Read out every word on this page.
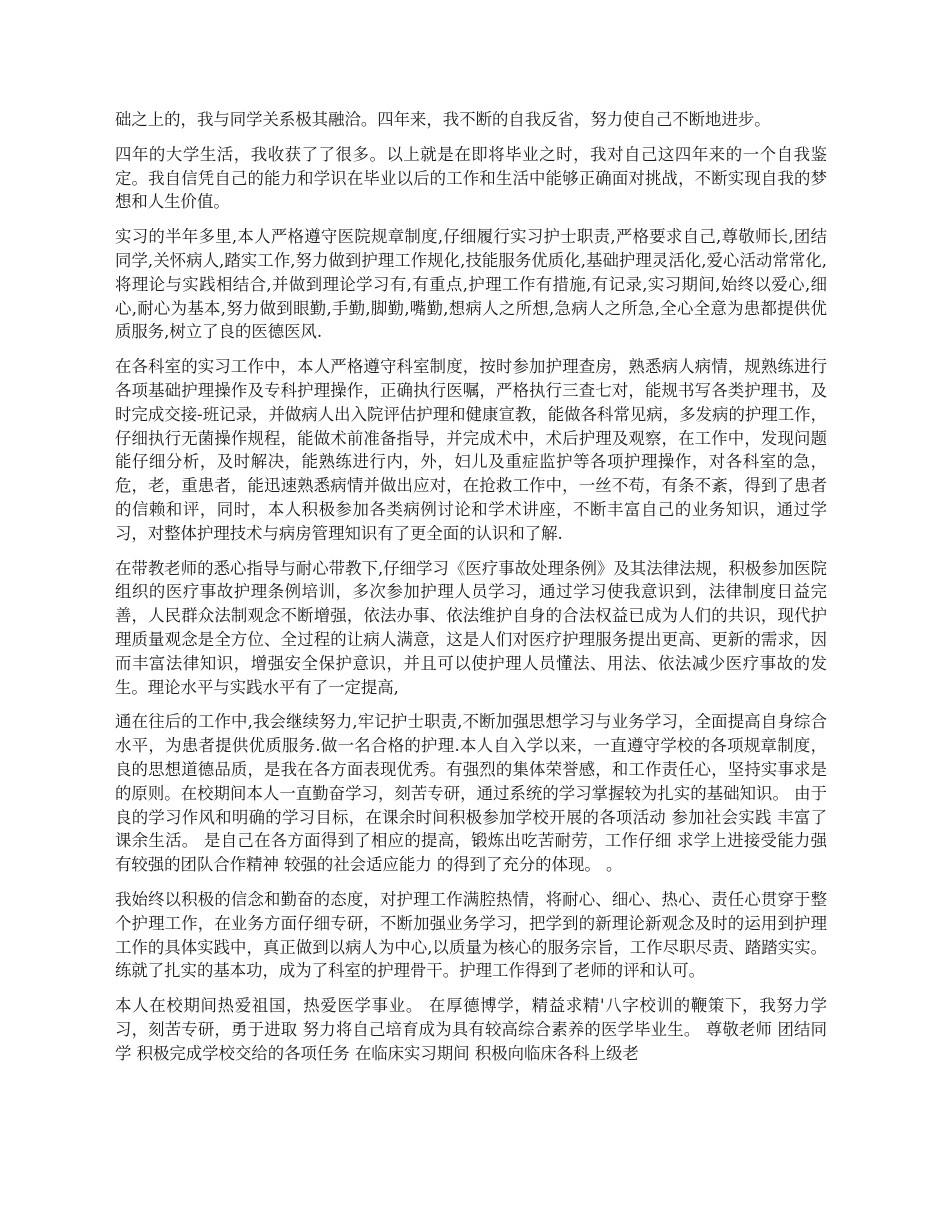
础之上的，我与同学关系极其融洽。四年来，我不断的自我反省，努力使自己不断地进步。

四年的大学生活，我收获了了很多。以上就是在即将毕业之时，我对自己这四年来的一个自我鉴定。我自信凭自己的能力和学识在毕业以后的工作和生活中能够正确面对挑战，不断实现自我的梦想和人生价值。

实习的半年多里,本人严格遵守医院规章制度,仔细履行实习护士职责,严格要求自己,尊敬师长,团结同学,关怀病人,踏实工作,努力做到护理工作规化,技能服务优质化,基础护理灵活化,爱心活动常常化,将理论与实践相结合,并做到理论学习有,有重点,护理工作有措施,有记录,实习期间,始终以爱心,细心,耐心为基本,努力做到眼勤,手勤,脚勤,嘴勤,想病人之所想,急病人之所急,全心全意为患都提供优质服务,树立了良的医德医风.

在各科室的实习工作中，本人严格遵守科室制度，按时参加护理查房，熟悉病人病情，规熟练进行各项基础护理操作及专科护理操作，正确执行医嘱，严格执行三查七对，能规书写各类护理书，及时完成交接-班记录，并做病人出入院评估护理和健康宣教，能做各科常见病，多发病的护理工作，仔细执行无菌操作规程，能做术前准备指导，并完成术中，术后护理及观察，在工作中，发现问题能仔细分析，及时解决，能熟练进行内，外，妇儿及重症监护等各项护理操作，对各科室的急，危，老，重患者，能迅速熟悉病情并做出应对，在抢救工作中，一丝不苟，有条不紊，得到了患者的信赖和评，同时，本人积极参加各类病例讨论和学术讲座，不断丰富自己的业务知识，通过学习，对整体护理技术与病房管理知识有了更全面的认识和了解.

在带教老师的悉心指导与耐心带教下,仔细学习《医疗事故处理条例》及其法律法规，积极参加医院组织的医疗事故护理条例培训，多次参加护理人员学习，通过学习使我意识到，法律制度日益完善，人民群众法制观念不断增强，依法办事、依法维护自身的合法权益已成为人们的共识，现代护理质量观念是全方位、全过程的让病人满意，这是人们对医疗护理服务提出更高、更新的需求，因而丰富法律知识，增强安全保护意识，并且可以使护理人员懂法、用法、依法减少医疗事故的发生。理论水平与实践水平有了一定提高,

通在往后的工作中,我会继续努力,牢记护士职责,不断加强思想学习与业务学习，全面提高自身综合水平，为患者提供优质服务.做一名合格的护理.本人自入学以来，一直遵守学校的各项规章制度，良的思想道德品质，是我在各方面表现优秀。有强烈的集体荣誉感，和工作责任心，坚持实事求是的原则。在校期间本人一直勤奋学习，刻苦专研，通过系统的学习掌握较为扎实的基础知识。 由于良的学习作风和明确的学习目标，在课余时间积极参加学校开展的各项活动 参加社会实践 丰富了课余生活。 是自己在各方面得到了相应的提高，锻炼出吃苦耐劳，工作仔细 求学上进接受能力强 有较强的团队合作精神 较强的社会适应能力 的得到了充分的体现。 。

我始终以积极的信念和勤奋的态度，对护理工作满腔热情，将耐心、细心、热心、责任心贯穿于整个护理工作，在业务方面仔细专研，不断加强业务学习，把学到的新理论新观念及时的运用到护理工作的具体实践中，真正做到以病人为中心,以质量为核心的服务宗旨，工作尽职尽责、踏踏实实。练就了扎实的基本功，成为了科室的护理骨干。护理工作得到了老师的评和认可。

本人在校期间热爱祖国，热爱医学事业。 在厚德博学，精益求精'八字校训的鞭策下，我努力学习，刻苦专研，勇于进取 努力将自己培育成为具有较高综合素养的医学毕业生。 尊敬老师 团结同学 积极完成学校交给的各项任务 在临床实习期间 积极向临床各科上级老
